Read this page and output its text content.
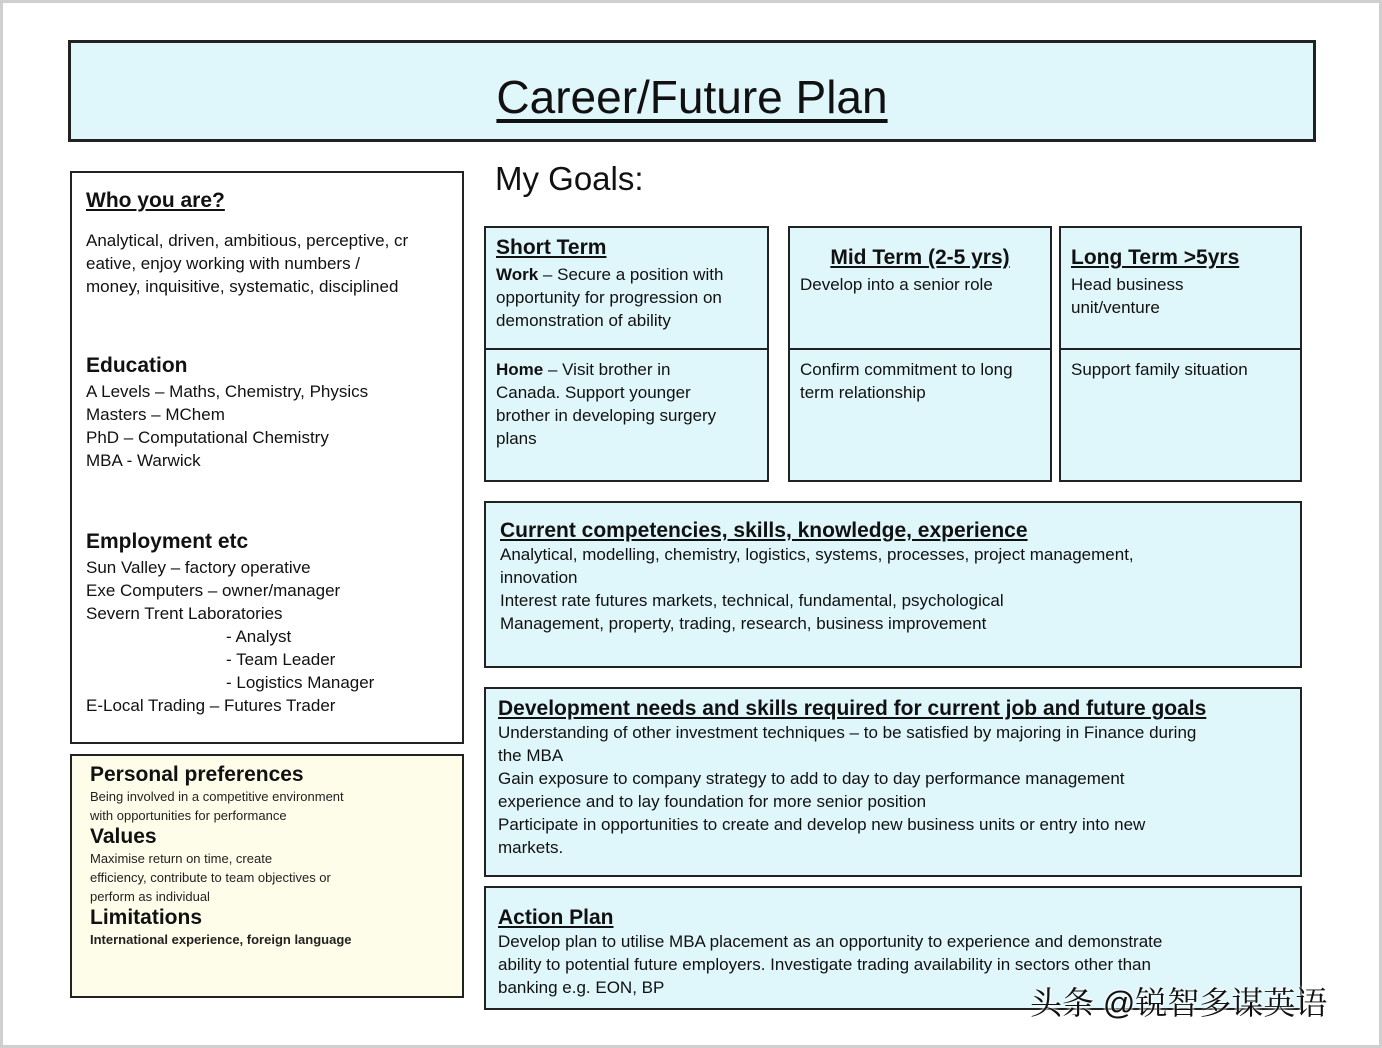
Career/Future Plan
Who you are?
Analytical, driven, ambitious, perceptive, cr
eative, enjoy working with numbers /
money, inquisitive, systematic, disciplined
Education
A Levels – Maths, Chemistry, Physics
Masters – MChem
PhD – Computational Chemistry
MBA - Warwick
Employment etc
Sun Valley – factory operative
Exe Computers – owner/manager
Severn Trent Laboratories
- Analyst
- Team Leader
- Logistics Manager
E-Local Trading – Futures Trader
Personal preferences
Being involved in a competitive environment
with opportunities for performance
Values
Maximise return on time, create
efficiency, contribute to team objectives or
perform as individual
Limitations
International experience, foreign language
My Goals:
Short Term
Work – Secure a position with
opportunity for progression on
demonstration of ability
Home – Visit brother in
Canada. Support younger
brother in developing surgery
plans
Mid Term (2-5 yrs)
Develop into a senior role
Confirm commitment to long
term relationship
Long Term >5yrs
Head business
unit/venture
Support family situation
Current competencies, skills, knowledge, experience
Analytical, modelling, chemistry, logistics, systems, processes, project management,
innovation
Interest rate futures markets, technical, fundamental, psychological
Management, property, trading, research, business improvement
Development needs and skills required for current job and future goals
Understanding of other investment techniques – to be satisfied by majoring in Finance during
the MBA
Gain exposure to company strategy to add to day to day performance management
experience and to lay foundation for more senior position
Participate in opportunities to create and develop new business units or entry into new
markets.
Action Plan
Develop plan to utilise MBA placement as an opportunity to experience and demonstrate
ability to potential future employers. Investigate trading availability in sectors other than
banking e.g. EON, BP	头条 @锐智多谋英语
